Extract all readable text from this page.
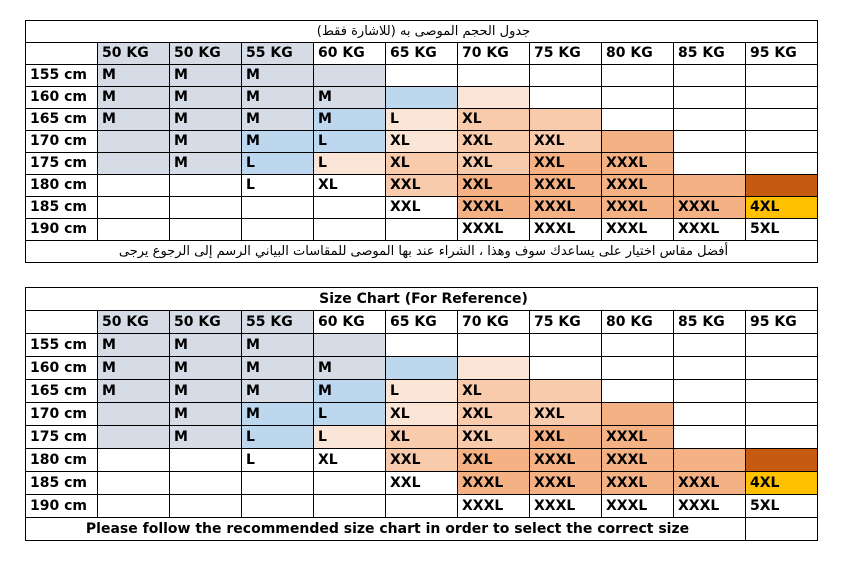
جدول الحجم الموصى به (للاشارة فقط)										
	50 KG	50 KG	55 KG	60 KG	65 KG	70 KG	75 KG	80 KG	85 KG	95 KG
155 cm	M	M	M							
160 cm	M	M	M	M						
165 cm	M	M	M	M	L	XL				
170 cm		M	M	L	XL	XXL	XXL			
175 cm		M	L	L	XL	XXL	XXL	XXXL		
180 cm			L	XL	XXL	XXL	XXXL	XXXL		
185 cm					XXL	XXXL	XXXL	XXXL	XXXL	4XL
190 cm						XXXL	XXXL	XXXL	XXXL	5XL
أفضل مقاس اختيار على يساعدك سوف وهذا ، الشراء عند بها الموصى للمقاسات البياني الرسم إلى الرجوع يرجى										
Size Chart (For Reference)										
	50 KG	50 KG	55 KG	60 KG	65 KG	70 KG	75 KG	80 KG	85 KG	95 KG
155 cm	M	M	M							
160 cm	M	M	M	M						
165 cm	M	M	M	M	L	XL				
170 cm		M	M	L	XL	XXL	XXL			
175 cm		M	L	L	XL	XXL	XXL	XXXL		
180 cm			L	XL	XXL	XXL	XXXL	XXXL		
185 cm					XXL	XXXL	XXXL	XXXL	XXXL	4XL
190 cm						XXXL	XXXL	XXXL	XXXL	5XL
Please follow the recommended size chart in order to select the correct size										
